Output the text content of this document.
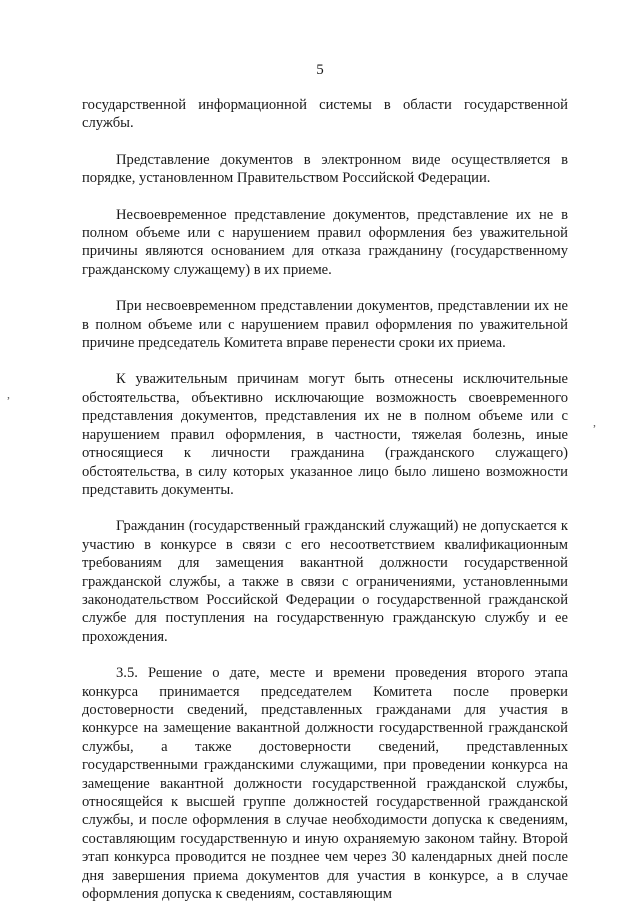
5
,
,

государственной информационной системы в области государственной службы.

Представление документов в электронном виде осуществляется в порядке, установленном Правительством Российской Федерации.

Несвоевременное представление документов, представление их не в полном объеме или с нарушением правил оформления без уважительной причины являются основанием для отказа гражданину (государственному гражданскому служащему) в их приеме.

При несвоевременном представлении документов, представлении их не в полном объеме или с нарушением правил оформления по уважительной причине председатель Комитета вправе перенести сроки их приема.

К уважительным причинам могут быть отнесены исключительные обстоятельства, объективно исключающие возможность своевременного представления документов, представления их не в полном объеме или с нарушением правил оформления, в частности, тяжелая болезнь, иные относящиеся к личности гражданина (гражданского служащего) обстоятельства, в силу которых указанное лицо было лишено возможности представить документы.

Гражданин (государственный гражданский служащий) не допускается к участию в конкурсе в связи с его несоответствием квалификационным требованиям для замещения вакантной должности государственной гражданской службы, а также в связи с ограничениями, установленными законодательством Российской Федерации о государственной гражданской службе для поступления на государственную гражданскую службу и ее прохождения.

3.5. Решение о дате, месте и времени проведения второго этапа конкурса принимается председателем Комитета после проверки достоверности сведений, представленных гражданами для участия в конкурсе на замещение вакантной должности государственной гражданской службы, а также достоверности сведений, представленных государственными гражданскими служащими, при проведении конкурса на замещение вакантной должности государственной гражданской службы, относящейся к высшей группе должностей государственной гражданской службы, и после оформления в случае необходимости допуска к сведениям, составляющим государственную и иную охраняемую законом тайну. Второй этап конкурса проводится не позднее чем через 30 календарных дней после дня завершения приема документов для участия в конкурсе, а в случае оформления допуска к сведениям, составляющим
